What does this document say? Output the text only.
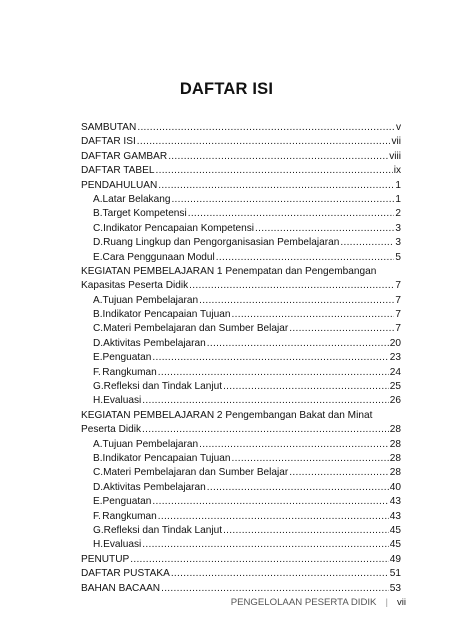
DAFTAR ISI
SAMBUTAN .....	v
DAFTAR ISI .....	vii
DAFTAR GAMBAR .....	viii
DAFTAR TABEL .....	ix
PENDAHULUAN .....	1
A. Latar Belakang .....	1
B. Target Kompetensi .....	2
C. Indikator Pencapaian Kompetensi .....	3
D. Ruang Lingkup dan Pengorganisasian Pembelajaran .....	3
E. Cara Penggunaan Modul .....	5
KEGIATAN PEMBELAJARAN 1 Penempatan dan Pengembangan
Kapasitas Peserta Didik .....	7
A. Tujuan Pembelajaran .....	7
B. Indikator Pencapaian Tujuan .....	7
C. Materi Pembelajaran dan Sumber Belajar .....	7
D. Aktivitas Pembelajaran .....	20
E. Penguatan .....	23
F. Rangkuman .....	24
G. Refleksi dan Tindak Lanjut .....	25
H. Evaluasi .....	26
KEGIATAN PEMBELAJARAN 2 Pengembangan Bakat dan Minat
Peserta Didik .....	28
A. Tujuan Pembelajaran .....	28
B. Indikator Pencapaian Tujuan .....	28
C. Materi Pembelajaran dan Sumber Belajar .....	28
D. Aktivitas Pembelajaran .....	40
E. Penguatan .....	43
F. Rangkuman .....	43
G. Refleksi dan Tindak Lanjut .....	45
H. Evaluasi .....	45
PENUTUP .....	49
DAFTAR PUSTAKA .....	51
BAHAN BACAAN .....	53
PENGELOLAAN PESERTA DIDIK | vii
